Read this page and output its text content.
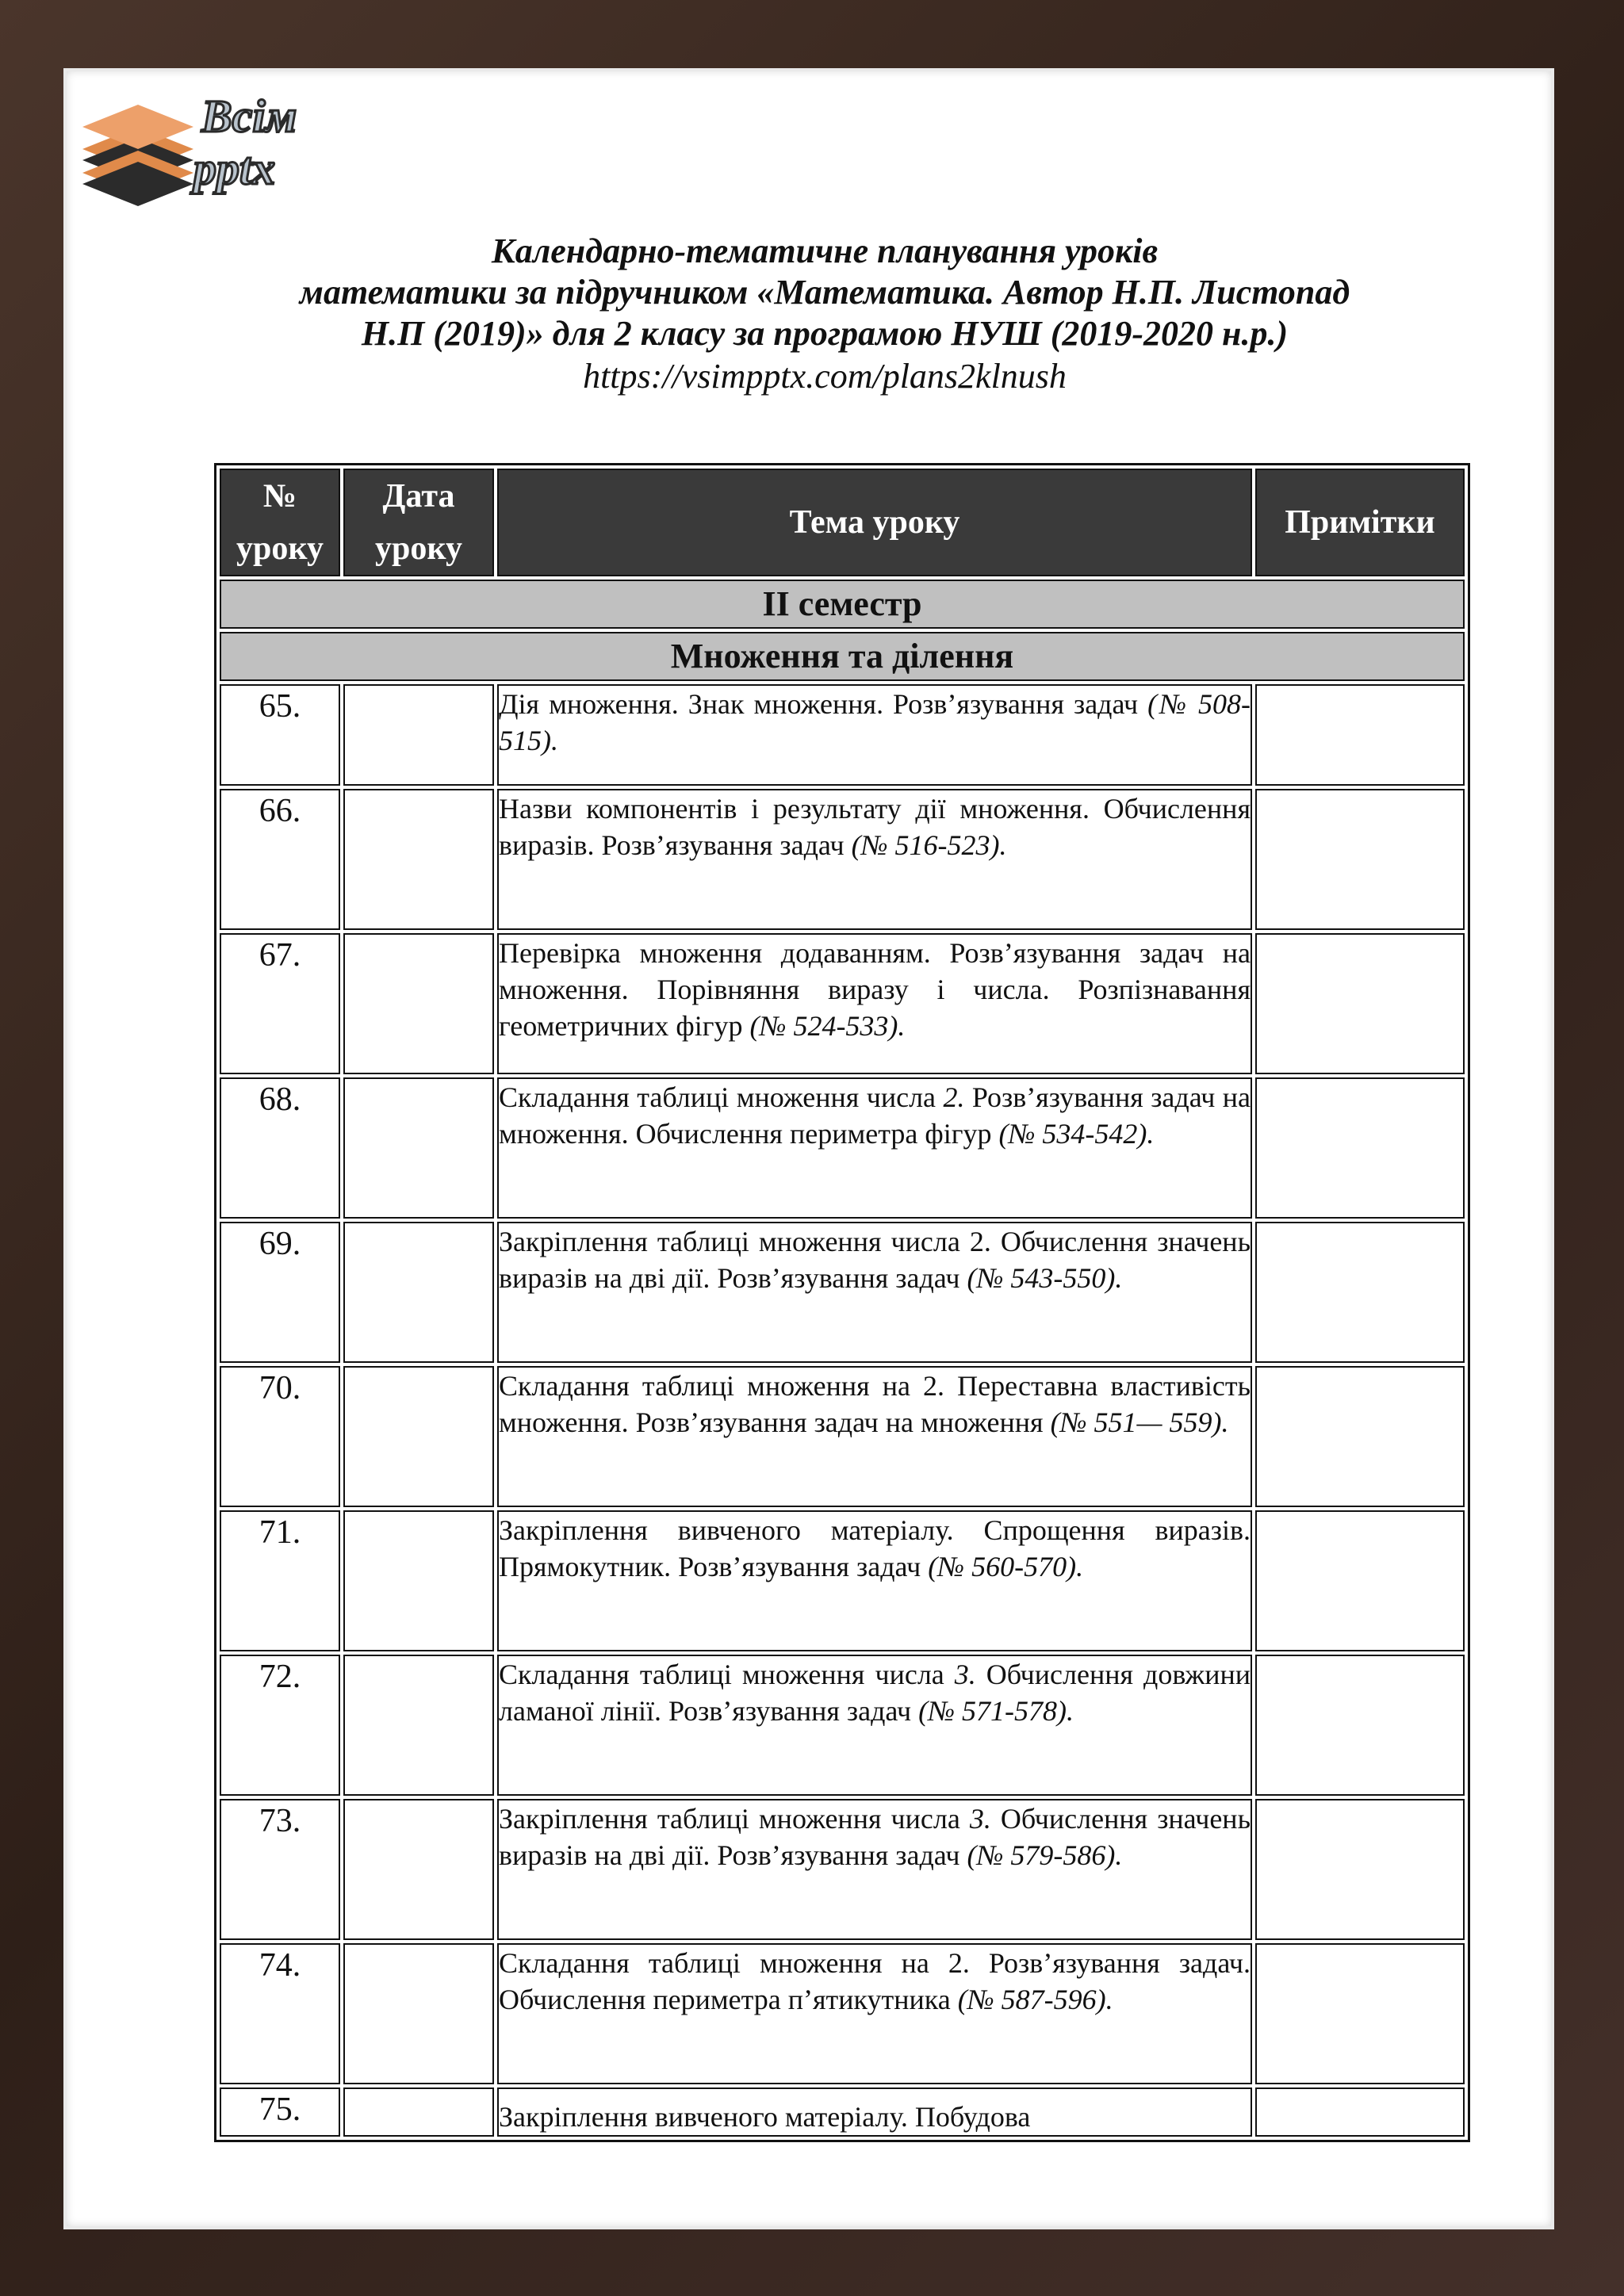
Всім
pptx
Календарно-тематичне планування уроків
математики за підручником «Математика. Автор Н.П. Листопад
Н.П (2019)» для 2 класу за програмою НУШ (2019-2020 н.р.)
https://vsimpptx.com/plans2klnush
№ уроку	Дата уроку	Тема уроку	Примітки
ІІ семестр			
Множення та ділення			
65.		Дія множення. Знак множення. Розв’язування задач (№ 508-515).	
66.		Назви компонентів і результату дії множення. Обчислення виразів. Розв’язування задач (№ 516-523).	
67.		Перевірка множення додаванням. Розв’язування задач на множення. Порівняння виразу і числа. Розпізнавання геометричних фігур (№ 524-533).	
68.		Складання таблиці множення числа 2. Розв’язування задач на множення. Обчислення периметра фігур (№ 534-542).	
69.		Закріплення таблиці множення числа 2. Обчислення значень виразів на дві дії. Розв’язування задач (№ 543-550).	
70.		Складання таблиці множення на 2. Переставна властивість множення. Розв’язування задач на множення (№ 551— 559).	
71.		Закріплення вивченого матеріалу. Спрощення виразів. Прямокутник. Розв’язування задач (№ 560-570).	
72.		Складання таблиці множення числа 3. Обчислення довжини ламаної лінії. Розв’язування задач (№ 571-578).	
73.		Закріплення таблиці множення числа 3. Обчислення значень виразів на дві дії. Розв’язування задач (№ 579-586).	
74.		Складання таблиці множення на 2. Розв’язування задач. Обчислення периметра п’ятикутника (№ 587-596).	
75.		Закріплення вивченого матеріалу. Побудова	
